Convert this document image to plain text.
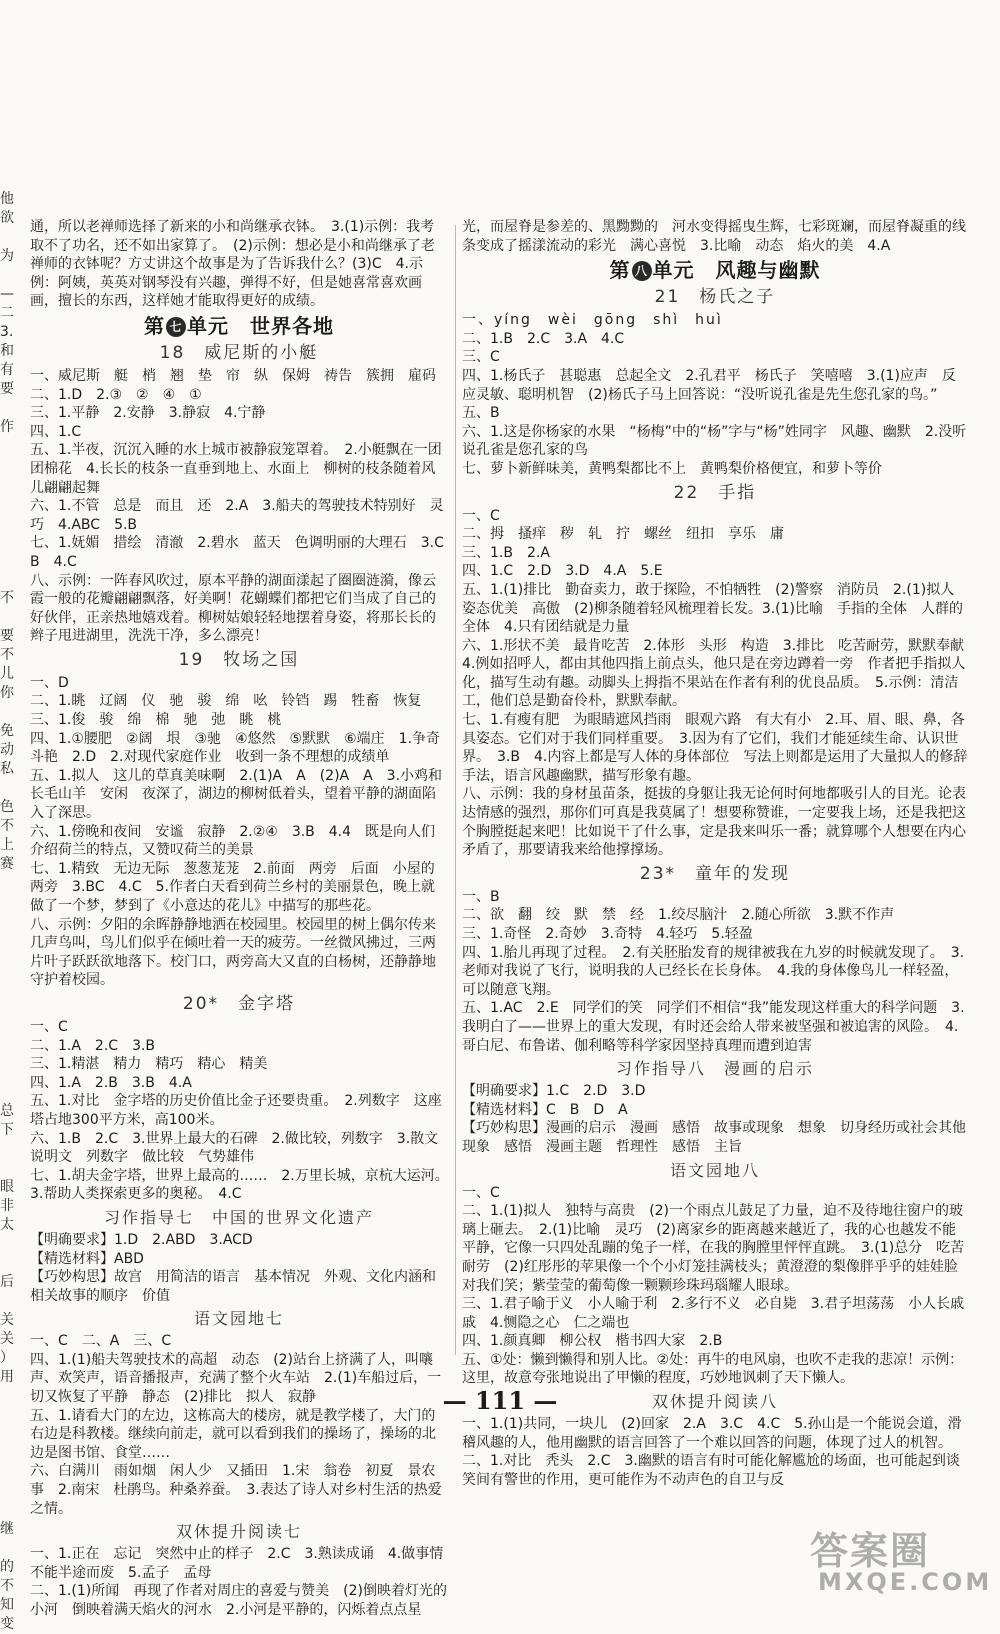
他
欲
为
—
二
3.
和
有
要
作
不
要
不
儿
你
免
动
私
色
不
上
赛
总
下
眼
非
太
后
关
关
）
用
继
的
不
知
变

通，所以老禅师选择了新来的小和尚继承衣钵。　3.(1)示例：我考取不了功名，还不如出家算了。　(2)示例：想必是小和尚继承了老禅师的衣钵呢？方丈讲这个故事是为了告诉我什么？(3)C　4.示例：阿姨，英英对钢琴没有兴趣，弹得不好，但是她喜常喜欢画画，擅长的东西，这样她才能取得更好的成绩。

第 七 单元　世界各地
18　威尼斯的小艇

一、威尼斯　艇　梢　翘　垫　帘　纵　保姆　祷告　簇拥　雇码

二、1.D　2.③　②　④　①

三、1.平静　2.安静　3.静寂　4.宁静

四、1.C

五、1.半夜，沉沉入睡的水上城市被静寂笼罩着。　2.小艇飘在一团团棉花　4.长长的枝条一直垂到地上、水面上　柳树的枝条随着风儿翩翩起舞

六、1.不管　总是　而且　还　2.A　3.船夫的驾驶技术特别好　灵巧　4.ABC　5.B

七、1.妩媚　措绘　清澈　2.碧水　蓝天　色调明丽的大理石　3.C　B　4.C

八、示例：一阵春风吹过，原本平静的湖面漾起了圈圈涟漪，像云霞一般的花瓣翩翩飘落，好美啊！花蝴蝶们都把它们当成了自己的好伙伴，正亲热地嬉戏着。柳树姑娘轻轻地摆着身姿，将那长长的辫子甩进湖里，洗洗干净，多么漂亮！

19　牧场之国

一、D

二、1.眺　辽阔　仪　驰　骏　绵　吆　铃铛　踢　牲畜　恢复

三、1.俊　骏　绵　棉　驰　弛　眺　桃

四、1.①腰肥　②阔　垠　③驰　④悠然　⑤默默　⑥端庄　1.争奇斗艳　2.D　2.对现代家庭作业　收到一条不理想的成绩单

五、1.拟人　这儿的草真美味啊　2.(1)A　A　(2)A　A　3.小鸡和长毛山羊　安闲　夜深了，湖边的柳树低着头，望着平静的湖面陷入了深思。

六、1.傍晚和夜间　安谧　寂静　2.②④　3.B　4.4　既是向人们介绍荷兰的特点，又赞叹荷兰的美景

七、1.精致　无边无际　葱葱茏茏　2.前面　两旁　后面　小屋的两旁　3.BC　4.C　5.作者白天看到荷兰乡村的美丽景色，晚上就做了一个梦，梦到了《小意达的花儿》中描写的那些花。

八、示例：夕阳的余晖静静地洒在校园里。校园里的树上偶尔传来几声鸟叫，鸟儿们似乎在倾吐着一天的疲劳。一丝微风拂过，三两片叶子跃跃欲地落下。校门口，两旁高大又直的白杨树，还静静地守护着校园。

20*　金字塔

一、C

二、1.A　2.C　3.B

三、1.精湛　精力　精巧　精心　精美

四、1.A　2.B　3.B　4.A

五、1.对比　金字塔的历史价值比金子还要贵重。　2.列数字　这座塔占地300平方米，高100米。

六、1.B　2.C　3.世界上最大的石碑　2.做比较，列数字　3.散文说明文　列数字　做比较　气势雄伟

七、1.胡夫金字塔，世界上最高的……　2.万里长城，京杭大运河。　3.帮助人类探索更多的奥秘。　4.C

习作指导七　中国的世界文化遗产

【明确要求】1.D　2.ABD　3.ACD

【精选材料】ABD

【巧妙构思】故宫　用简洁的语言　基本情况　外观、文化内涵和相关故事的顺序　价值

语文园地七

一、C　二、A　三、C

四、1.(1)船夫驾驶技术的高超　动态　(2)站台上挤满了人，叫嚷声、欢笑声，语音播报声，充满了整个火车站　2.(1)车船过后，一切又恢复了平静　静态　(2)排比　拟人　寂静

五、1.请看大门的左边，这栋高大的楼房，就是教学楼了，大门的右边是科教楼。继续向前走，就可以看到我们的操场了，操场的北边是图书馆、食堂……

六、白满川　雨如烟　闲人少　又插田　1.宋　翁卷　初夏　景农事　2.南宋　杜鹃鸟。种桑养蚕。　3.表达了诗人对乡村生活的热爱之情。

双休提升阅读七

一、1.正在　忘记　突然中止的样子　2.C　3.熟读成诵　4.做事情不能半途而废　5.孟子　孟母

二、1.(1)所闻　再现了作者对周庄的喜爱与赞美　(2)倒映着灯光的小河　倒映着满天焰火的河水　2.小河是平静的，闪烁着点点星

光，而屋脊是参差的、黑黝黝的　河水变得摇曳生辉，七彩斑斓，而屋脊凝重的线条变成了摇漾流动的彩光　满心喜悦　3.比喻　动态　焰火的美　4.A

第 八 单元　风趣与幽默
21　杨氏之子

一、yíng　wèi　gōng　shì　huì

二、1.B　2.C　3.A　4.C

三、C

四、1.杨氏子　甚聪惠　总起全文　2.孔君平　杨氏子　笑嘻嘻　3.(1)应声　反应灵敏、聪明机智　(2)杨氏子马上回答说：“没听说孔雀是先生您孔家的鸟。”

五、B

六、1.这是你杨家的水果　“杨梅”中的“杨”字与“杨”姓同字　风趣、幽默　2.没听说孔雀是您孔家的鸟

七、萝卜新鲜味美，黄鸭梨都比不上　黄鸭梨价格便宜，和萝卜等价

22　手指

一、C

二、拇　搔痒　秽　轧　拧　螺丝　纽扣　享乐　庸

三、1.B　2.A

四、1.C　2.D　3.D　4.A　5.E

五、1.(1)排比　勤奋卖力，敢于探险，不怕牺牲　(2)警察　消防员　2.(1)拟人　姿态优美　高傲　(2)柳条随着轻风梳理着长发。3.(1)比喻　手指的全体　人群的全体　4.只有团结就是力量

六、1.形状不美　最肯吃苦　2.体形　头形　构造　3.排比　吃苦耐劳，默默奉献　4.例如招呼人，都由其他四指上前点头，他只是在旁边蹲着一旁　作者把手指拟人化，描写生动有趣。动脚头上拇指不果站在作者有利的优良品质。　5.示例：清洁工，他们总是勤奋伶朴，默默奉献。

七、1.有瘦有肥　为眼睛遮风挡雨　眼观六路　有大有小　2.耳、眉、眼、鼻，各具姿态。它们对于我们同样重要。　3.因为有了它们，我们才能延续生命、认识世界。　3.B　4.内容上都是写人体的身体部位　写法上则都是运用了大量拟人的修辞手法，语言风趣幽默，描写形象有趣。

八、示例：我的身材虽苗条，挺拔的身躯让我无论何时何地都吸引人的目光。论表达情感的强烈，那你们可真是我莫属了！想要称赞谁，一定要我上场，还是我把这个胸膛挺起来吧！比如说干了什么事，定是我来叫乐一番；就算哪个人想要在内心矛盾了，那要请我来给他撑撑场。

23*　童年的发现

一、B

二、欲　翻　绞　默　禁　经　1.绞尽脑汁　2.随心所欲　3.默不作声

三、1.奇怪　2.奇妙　3.奇特　4.轻巧　5.轻盈

四、1.胎儿再现了过程。　2.有关胚胎发育的规律被我在九岁的时候就发现了。　3.老师对我说了飞行，说明我的人已经长在长身体。　4.我的身体像鸟儿一样轻盈，可以随意飞翔。

五、1.AC　2.E　同学们的笑　同学们不相信“我”能发现这样重大的科学问题　3.我明白了——世界上的重大发现，有时还会给人带来被坚强和被追害的风险。　4.哥白尼、布鲁诺、伽利略等科学家因坚持真理而遭到迫害

习作指导八　漫画的启示

【明确要求】1.C　2.D　3.D

【精选材料】C　B　D　A

【巧妙构思】漫画的启示　漫画　感悟　故事或现象　想象　切身经历或社会其他现象　感悟　漫画主题　哲理性　感悟　主旨

语文园地八

一、C

二、1.(1)拟人　独特与高贵　(2)一个雨点儿鼓足了力量，迫不及待地往窗户的玻璃上砸去。　2.(1)比喻　灵巧　(2)离家乡的距离越来越近了，我的心也越发不能平静，它像一只四处乱蹦的兔子一样，在我的胸膛里怦怦直跳。　3.(1)总分　吃苦耐劳　(2)红彤彤的苹果像一个个小灯笼挂满枝头；黄澄澄的梨像胖乎乎的娃娃脸对我们笑；紫莹莹的葡萄像一颗颗珍珠玛瑙耀人眼球。

三、1.君子喻于义　小人喻于利　2.多行不义　必自毙　3.君子坦荡荡　小人长戚戚　4.恻隐之心　仁之端也

四、1.颜真卿　柳公权　楷书四大家　2.B

五、①处：懒到懒得和别人比。②处：再牛的电风扇，也吹不走我的悲凉！示例：这里，故意夸张地说出了甲懒的程度，巧妙地讽刺了天下懒人。

双休提升阅读八

一、1.(1)共同，一块儿　(2)回家　2.A　3.C　4.C　5.孙山是一个能说会道，滑稽风趣的人，他用幽默的语言回答了一个难以回答的问题，体现了过人的机智。

二、1.对比　秃头　2.C　3.幽默的语言有时可能化解尴尬的场面，也可能起到谈笑间有警世的作用，更可能作为不动声色的自卫与反

— 111 —
答案圈
MXQE.COM
